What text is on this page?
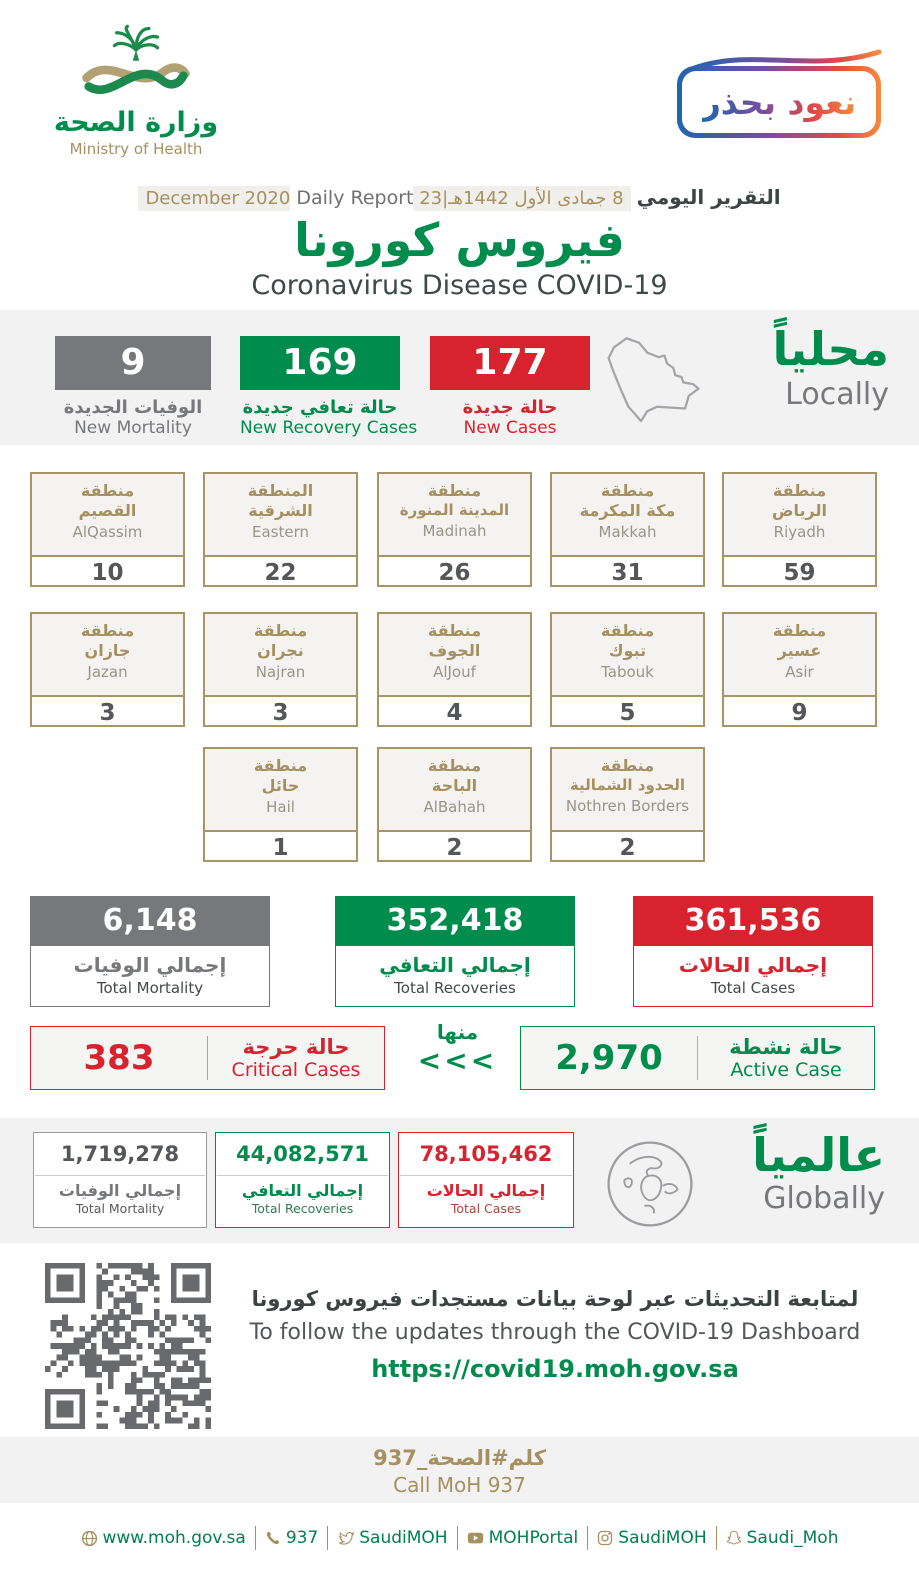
وزارة الصحة
Ministry of Health
نعود بحذر
التقرير اليومي 8 جمادى الأول 1442هـ|23 December 2020 Daily Report
فيروس كورونا
Coronavirus Disease COVID-19
9
الوفيات الجديدة
New Mortality
169
حالة تعافي جديدة
New Recovery Cases
177
حالة جديدة
New Cases
محلياً
Locally
منطقة
القصيم
AlQassim
10
المنطقة
الشرقية
Eastern
22
منطقة
المدينة المنورة
Madinah
26
منطقة
مكة المكرمة
Makkah
31
منطقة
الرياض
Riyadh
59
منطقة
جازان
Jazan
3
منطقة
نجران
Najran
3
منطقة
الجوف
AlJouf
4
منطقة
تبوك
Tabouk
5
منطقة
عسير
Asir
9
منطقة
حائل
Hail
1
منطقة
الباحة
AlBahah
2
منطقة
الحدود الشمالية
Nothren Borders
2
6,148
إجمالي الوفيات
Total Mortality
352,418
إجمالي التعافي
Total Recoveries
361,536
إجمالي الحالات
Total Cases
383	حالة حرجة
Critical Cases
منها
<<<	2,970	حالة نشطة
Active Case
1,719,278
إجمالي الوفيات
Total Mortality
44,082,571
إجمالي التعافي
Total Recoveries
78,105,462
إجمالي الحالات
Total Cases
عالمياً
Globally
لمتابعة التحديثات عبر لوحة بيانات مستجدات فيروس كورونا
To follow the updates through the COVID-19 Dashboard
https://covid19.moh.gov.sa
كلم#الصحة_937
Call MoH 937
www.moh.gov.sa 937 SaudiMOH MOHPortal SaudiMOH Saudi_Moh
